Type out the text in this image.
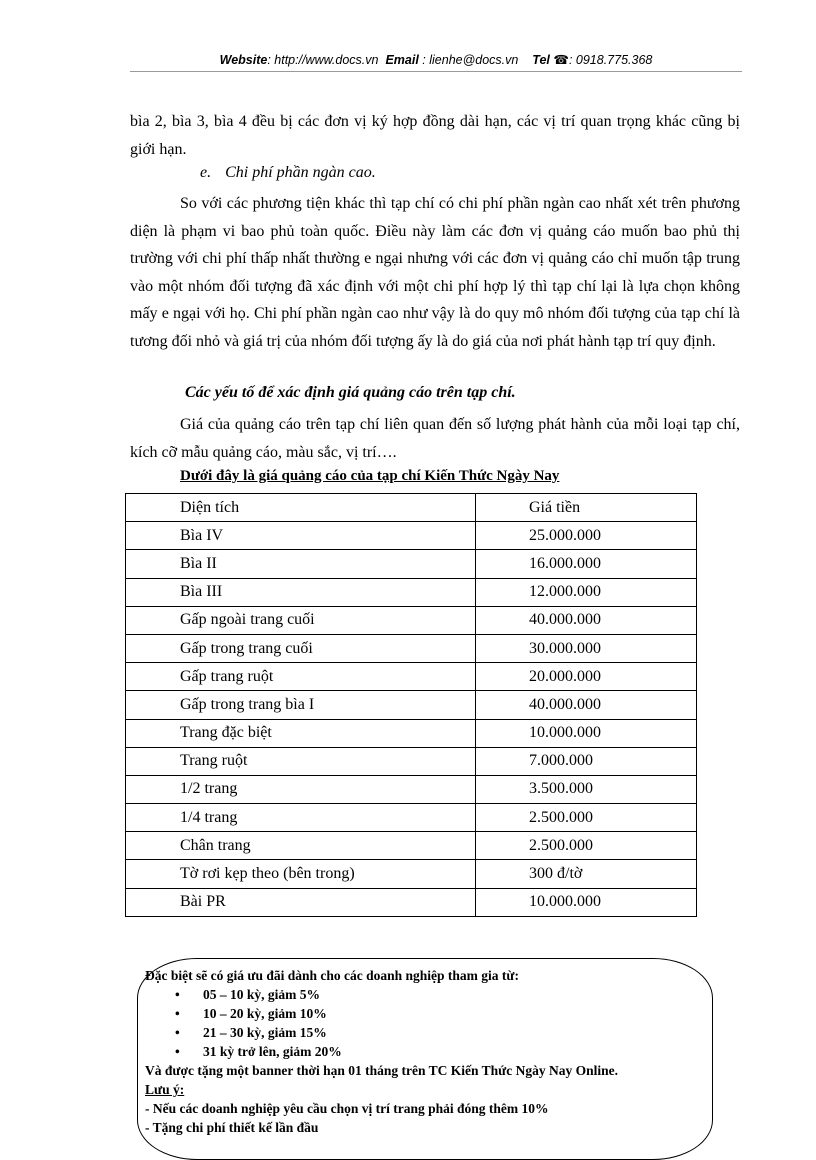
Website: http://www.docs.vn Email : lienhe@docs.vn Tel ☎: 0918.775.368

bìa 2, bìa 3, bìa 4 đều bị các đơn vị ký hợp đồng dài hạn, các vị trí quan trọng khác cũng bị giới hạn.

e. Chi phí phần ngàn cao.

So với các phương tiện khác thì tạp chí có chi phí phần ngàn cao nhất xét trên phương diện là phạm vi bao phủ toàn quốc. Điều này làm các đơn vị quảng cáo muốn bao phủ thị trường với chi phí thấp nhất thường e ngại nhưng với các đơn vị quảng cáo chỉ muốn tập trung vào một nhóm đối tượng đã xác định với một chi phí hợp lý thì tạp chí lại là lựa chọn không mấy e ngại với họ. Chi phí phần ngàn cao như vậy là do quy mô nhóm đối tượng của tạp chí là tương đối nhỏ và giá trị của nhóm đối tượng ấy là do giá của nơi phát hành tạp trí quy định.

Các yếu tố để xác định giá quảng cáo trên tạp chí.

Giá của quảng cáo trên tạp chí liên quan đến số lượng phát hành của mỗi loại tạp chí, kích cỡ mẫu quảng cáo, màu sắc, vị trí….

Dưới đây là giá quảng cáo của tạp chí Kiến Thức Ngày Nay
Diện tích	Giá tiền
Bìa IV	25.000.000
Bìa II	16.000.000
Bìa III	12.000.000
Gấp ngoài trang cuối	40.000.000
Gấp trong trang cuối	30.000.000
Gấp trang ruột	20.000.000
Gấp trong trang bìa I	40.000.000
Trang đặc biệt	10.000.000
Trang ruột	7.000.000
1/2 trang	3.500.000
1/4 trang	2.500.000
Chân trang	2.500.000
Tờ rơi kẹp theo (bên trong)	300 đ/tờ
Bài PR	10.000.000
Đặc biệt sẽ có giá ưu đãi dành cho các doanh nghiệp tham gia từ:
• 05 – 10 kỳ, giảm 5%
• 10 – 20 kỳ, giảm 10%
• 21 – 30 kỳ, giảm 15%
• 31 kỳ trở lên, giảm 20%
Và được tặng một banner thời hạn 01 tháng trên TC Kiến Thức Ngày Nay Online.
Lưu ý:
- Nếu các doanh nghiệp yêu cầu chọn vị trí trang phải đóng thêm 10%
- Tặng chi phí thiết kế lần đầu
